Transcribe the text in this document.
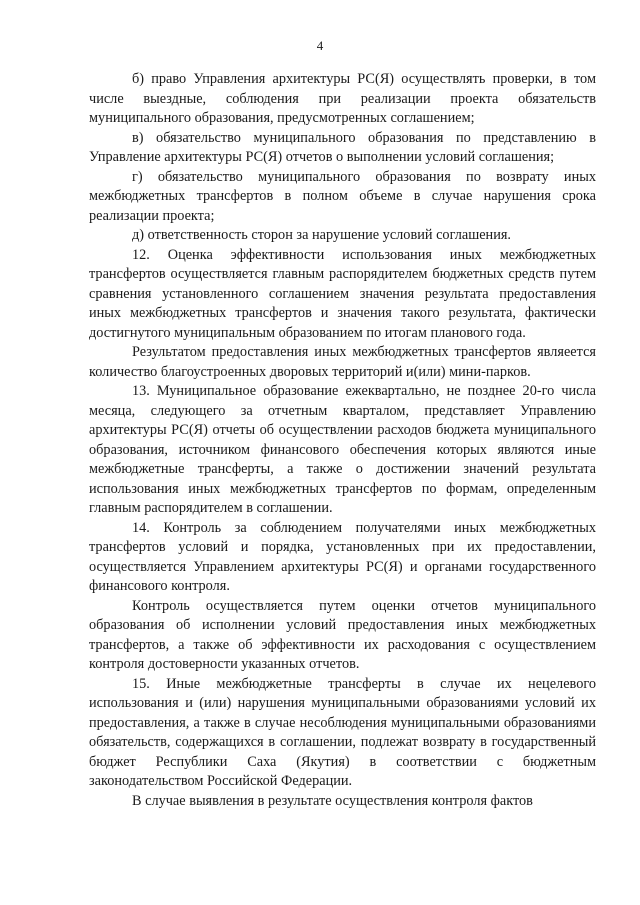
4

б) право Управления архитектуры РС(Я) осуществлять проверки, в том числе выездные, соблюдения при реализации проекта обязательств муниципального образования, предусмотренных соглашением;

в) обязательство муниципального образования по представлению в Управление архитектуры РС(Я) отчетов о выполнении условий соглашения;

г) обязательство муниципального образования по возврату иных межбюджетных трансфертов в полном объеме в случае нарушения срока реализации проекта;

д) ответственность сторон за нарушение условий соглашения.

12. Оценка эффективности использования иных межбюджетных трансфертов осуществляется главным распорядителем бюджетных средств путем сравнения установленного соглашением значения результата предоставления иных межбюджетных трансфертов и значения такого результата, фактически достигнутого муниципальным образованием по итогам планового года.

Результатом предоставления иных межбюджетных трансфертов являеется количество благоустроенных дворовых территорий и(или) мини-парков.

13. Муниципальное образование ежеквартально, не позднее 20-го числа месяца, следующего за отчетным кварталом, представляет Управлению архитектуры РС(Я) отчеты об осуществлении расходов бюджета муниципального образования, источником финансового обеспечения которых являются иные межбюджетные трансферты, а также о достижении значений результата использования иных межбюджетных трансфертов по формам, определенным главным распорядителем в соглашении.

14. Контроль за соблюдением получателями иных межбюджетных трансфертов условий и порядка, установленных при их предоставлении, осуществляется Управлением архитектуры РС(Я) и органами государственного финансового контроля.

Контроль осуществляется путем оценки отчетов муниципального образования об исполнении условий предоставления иных межбюджетных трансфертов, а также об эффективности их расходования с осуществлением контроля достоверности указанных отчетов.

15. Иные межбюджетные трансферты в случае их нецелевого использования и (или) нарушения муниципальными образованиями условий их предоставления, а также в случае несоблюдения муниципальными образованиями обязательств, содержащихся в соглашении, подлежат возврату в государственный бюджет Республики Саха (Якутия) в соответствии с бюджетным законодательством Российской Федерации.

В случае выявления в результате осуществления контроля фактов
